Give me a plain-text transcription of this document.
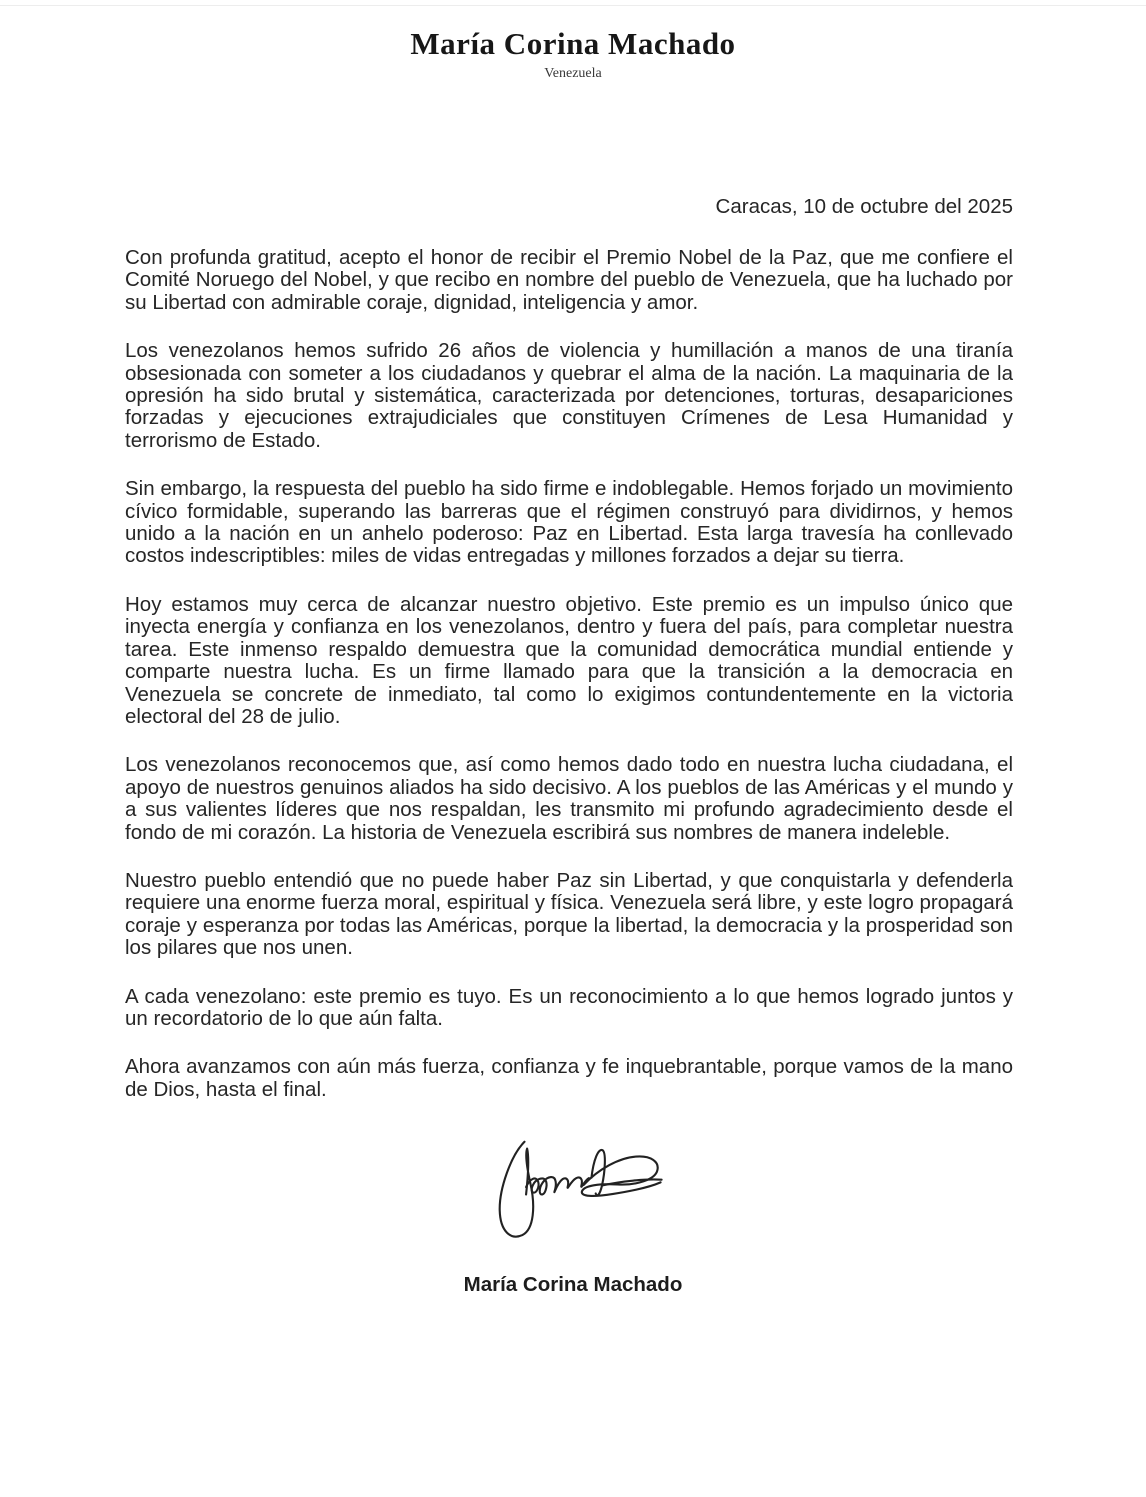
María Corina Machado
Venezuela
Caracas, 10 de octubre del 2025

Con profunda gratitud, acepto el honor de recibir el Premio Nobel de la Paz, que me confiere el Comité Noruego del Nobel, y que recibo en nombre del pueblo de Venezuela, que ha luchado por su Libertad con admirable coraje, dignidad, inteligencia y amor.

Los venezolanos hemos sufrido 26 años de violencia y humillación a manos de una tiranía obsesionada con someter a los ciudadanos y quebrar el alma de la nación. La maquinaria de la opresión ha sido brutal y sistemática, caracterizada por detenciones, torturas, desapariciones forzadas y ejecuciones extrajudiciales que constituyen Crímenes de Lesa Humanidad y terrorismo de Estado.

Sin embargo, la respuesta del pueblo ha sido firme e indoblegable. Hemos forjado un movimiento cívico formidable, superando las barreras que el régimen construyó para dividirnos, y hemos unido a la nación en un anhelo poderoso: Paz en Libertad. Esta larga travesía ha conllevado costos indescriptibles: miles de vidas entregadas y millones forzados a dejar su tierra.

Hoy estamos muy cerca de alcanzar nuestro objetivo. Este premio es un impulso único que inyecta energía y confianza en los venezolanos, dentro y fuera del país, para completar nuestra tarea. Este inmenso respaldo demuestra que la comunidad democrática mundial entiende y comparte nuestra lucha. Es un firme llamado para que la transición a la democracia en Venezuela se concrete de inmediato, tal como lo exigimos contundentemente en la victoria electoral del 28 de julio.

Los venezolanos reconocemos que, así como hemos dado todo en nuestra lucha ciudadana, el apoyo de nuestros genuinos aliados ha sido decisivo. A los pueblos de las Américas y el mundo y a sus valientes líderes que nos respaldan, les transmito mi profundo agradecimiento desde el fondo de mi corazón. La historia de Venezuela escribirá sus nombres de manera indeleble.

Nuestro pueblo entendió que no puede haber Paz sin Libertad, y que conquistarla y defenderla requiere una enorme fuerza moral, espiritual y física. Venezuela será libre, y este logro propagará coraje y esperanza por todas las Américas, porque la libertad, la democracia y la prosperidad son los pilares que nos unen.

A cada venezolano: este premio es tuyo. Es un reconocimiento a lo que hemos logrado juntos y un recordatorio de lo que aún falta.

Ahora avanzamos con aún más fuerza, confianza y fe inquebrantable, porque vamos de la mano de Dios, hasta el final.

María Corina Machado
